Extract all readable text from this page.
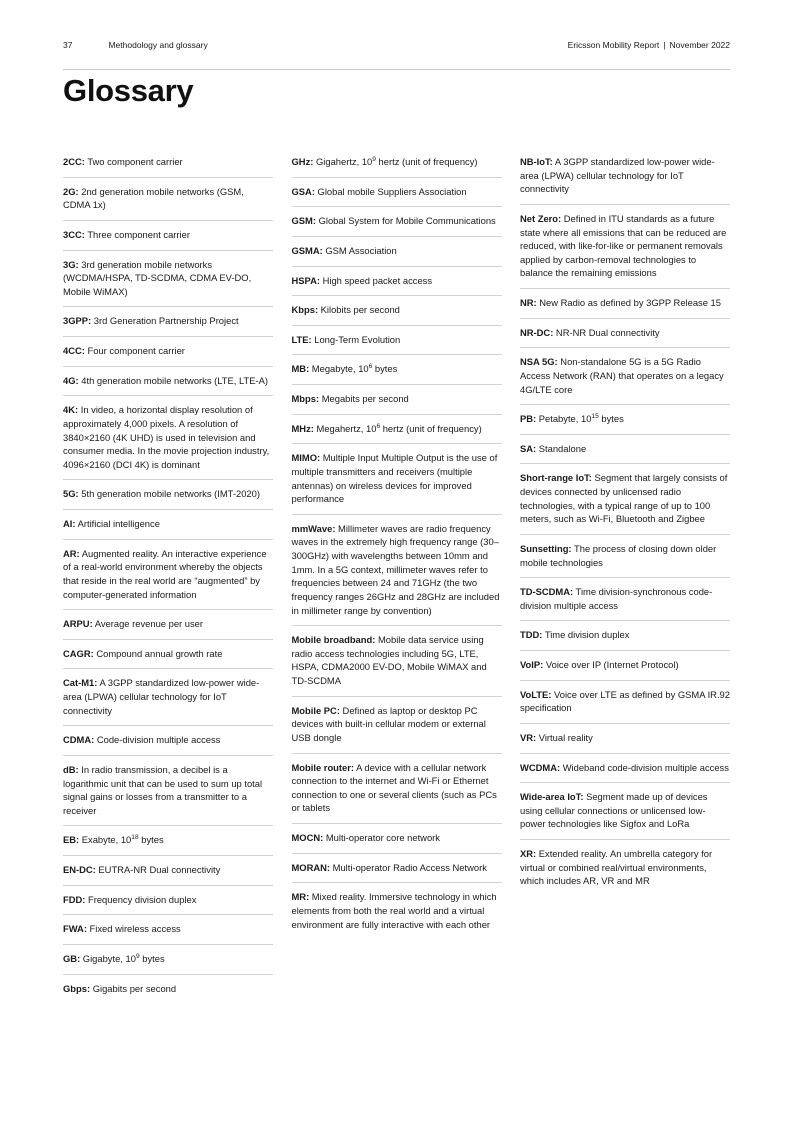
37	Methodology and glossary	Ericsson Mobility Report | November 2022
Glossary
2CC: Two component carrier
2G: 2nd generation mobile networks (GSM, CDMA 1x)
3CC: Three component carrier
3G: 3rd generation mobile networks (WCDMA/HSPA, TD-SCDMA, CDMA EV-DO, Mobile WiMAX)
3GPP: 3rd Generation Partnership Project
4CC: Four component carrier
4G: 4th generation mobile networks (LTE, LTE-A)
4K: In video, a horizontal display resolution of approximately 4,000 pixels. A resolution of 3840×2160 (4K UHD) is used in television and consumer media. In the movie projection industry, 4096×2160 (DCI 4K) is dominant
5G: 5th generation mobile networks (IMT-2020)
AI: Artificial intelligence
AR: Augmented reality. An interactive experience of a real-world environment whereby the objects that reside in the real world are “augmented” by computer-generated information
ARPU: Average revenue per user
CAGR: Compound annual growth rate
Cat-M1: A 3GPP standardized low-power wide-area (LPWA) cellular technology for IoT connectivity
CDMA: Code-division multiple access
dB: In radio transmission, a decibel is a logarithmic unit that can be used to sum up total signal gains or losses from a transmitter to a receiver
EB: Exabyte, $10^{18}$ bytes
EN-DC: EUTRA-NR Dual connectivity
FDD: Frequency division duplex
FWA: Fixed wireless access
GB: Gigabyte, $10^9$ bytes
Gbps: Gigabits per second
GHz: Gigahertz, $10^9$ hertz (unit of frequency)
GSA: Global mobile Suppliers Association
GSM: Global System for Mobile Communications
GSMA: GSM Association
HSPA: High speed packet access
Kbps: Kilobits per second
LTE: Long-Term Evolution
MB: Megabyte, $10^6$ bytes
Mbps: Megabits per second
MHz: Megahertz, $10^6$ hertz (unit of frequency)
MIMO: Multiple Input Multiple Output is the use of multiple transmitters and receivers (multiple antennas) on wireless devices for improved performance
mmWave: Millimeter waves are radio frequency waves in the extremely high frequency range (30–300GHz) with wavelengths between 10mm and 1mm. In a 5G context, millimeter waves refer to frequencies between 24 and 71GHz (the two frequency ranges 26GHz and 28GHz are included in millimeter range by convention)
Mobile broadband: Mobile data service using radio access technologies including 5G, LTE, HSPA, CDMA2000 EV-DO, Mobile WiMAX and TD-SCDMA
Mobile PC: Defined as laptop or desktop PC devices with built-in cellular modem or external USB dongle
Mobile router: A device with a cellular network connection to the internet and Wi-Fi or Ethernet connection to one or several clients (such as PCs or tablets
MOCN: Multi-operator core network
MORAN: Multi-operator Radio Access Network
MR: Mixed reality. Immersive technology in which elements from both the real world and a virtual environment are fully interactive with each other
NB-IoT: A 3GPP standardized low-power wide-area (LPWA) cellular technology for IoT connectivity
Net Zero: Defined in ITU standards as a future state where all emissions that can be reduced are reduced, with like-for-like or permanent removals applied by carbon-removal technologies to balance the remaining emissions
NR: New Radio as defined by 3GPP Release 15
NR-DC: NR-NR Dual connectivity
NSA 5G: Non-standalone 5G is a 5G Radio Access Network (RAN) that operates on a legacy 4G/LTE core
PB: Petabyte, $10^{15}$ bytes
SA: Standalone
Short-range IoT: Segment that largely consists of devices connected by unlicensed radio technologies, with a typical range of up to 100 meters, such as Wi-Fi, Bluetooth and Zigbee
Sunsetting: The process of closing down older mobile technologies
TD-SCDMA: Time division-synchronous code-division multiple access
TDD: Time division duplex
VoIP: Voice over IP (Internet Protocol)
VoLTE: Voice over LTE as defined by GSMA IR.92 specification
VR: Virtual reality
WCDMA: Wideband code-division multiple access
Wide-area IoT: Segment made up of devices using cellular connections or unlicensed low-power technologies like Sigfox and LoRa
XR: Extended reality. An umbrella category for virtual or combined real/virtual environments, which includes AR, VR and MR
